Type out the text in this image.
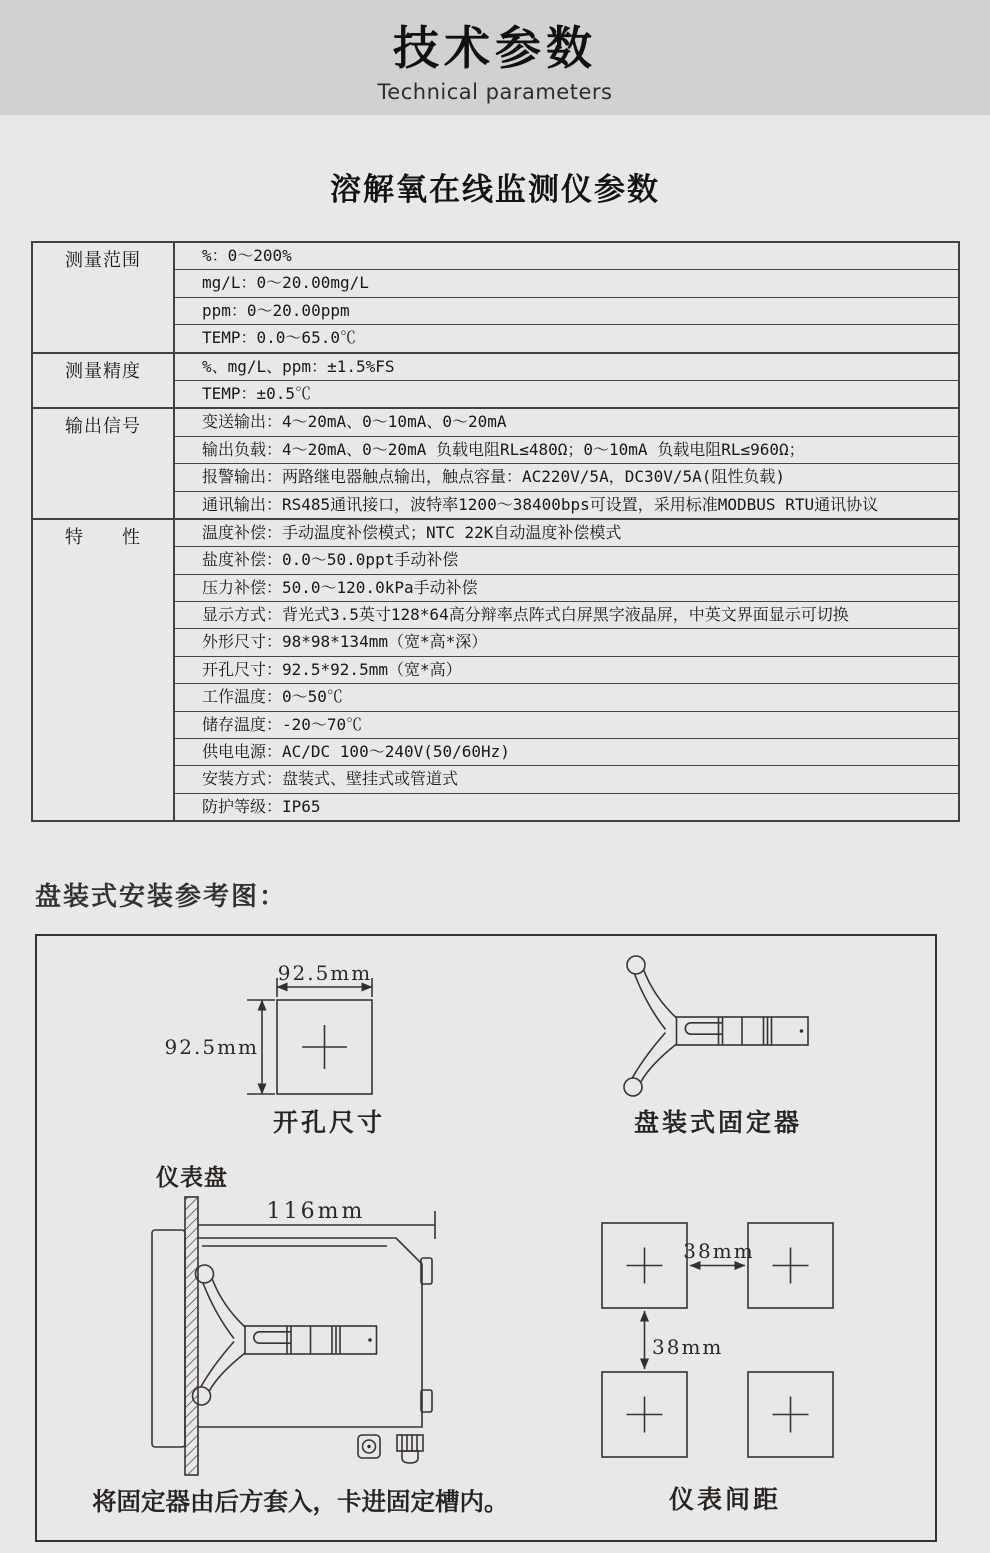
技术参数

Technical parameters

溶解氧在线监测仪参数
测量范围	%：0～200%
mg/L：0～20.00mg/L
ppm：0～20.00ppm
TEMP：0.0～65.0℃
测量精度	%、mg/L、ppm：±1.5%FS
TEMP：±0.5℃
输出信号	变送输出：4～20mA、0～10mA、0～20mA
输出负载：4～20mA、0～20mA 负载电阻RL≤480Ω；0～10mA 负载电阻RL≤960Ω；
报警输出：两路继电器触点输出，触点容量：AC220V/5A，DC30V/5A(阻性负载)
通讯输出：RS485通讯接口，波特率1200～38400bps可设置，采用标准MODBUS RTU通讯协议
特　　性	温度补偿：手动温度补偿模式；NTC 22K自动温度补偿模式
盐度补偿：0.0～50.0ppt手动补偿
压力补偿：50.0～120.0kPa手动补偿
显示方式：背光式3.5英寸128*64高分辩率点阵式白屏黑字液晶屏，中英文界面显示可切换
外形尺寸：98*98*134mm（宽*高*深）
开孔尺寸：92.5*92.5mm（宽*高）
工作温度：0～50℃
储存温度：-20～70℃
供电电源：AC/DC 100～240V(50/60Hz)
安装方式：盘装式、壁挂式或管道式
防护等级：IP65
盘装式安装参考图：
92.5mm
92.5mm
开孔尺寸	盘装式固定器
仪表盘
116mm
将固定器由后方套入，卡进固定槽内。
38mm
38mm
仪表间距
